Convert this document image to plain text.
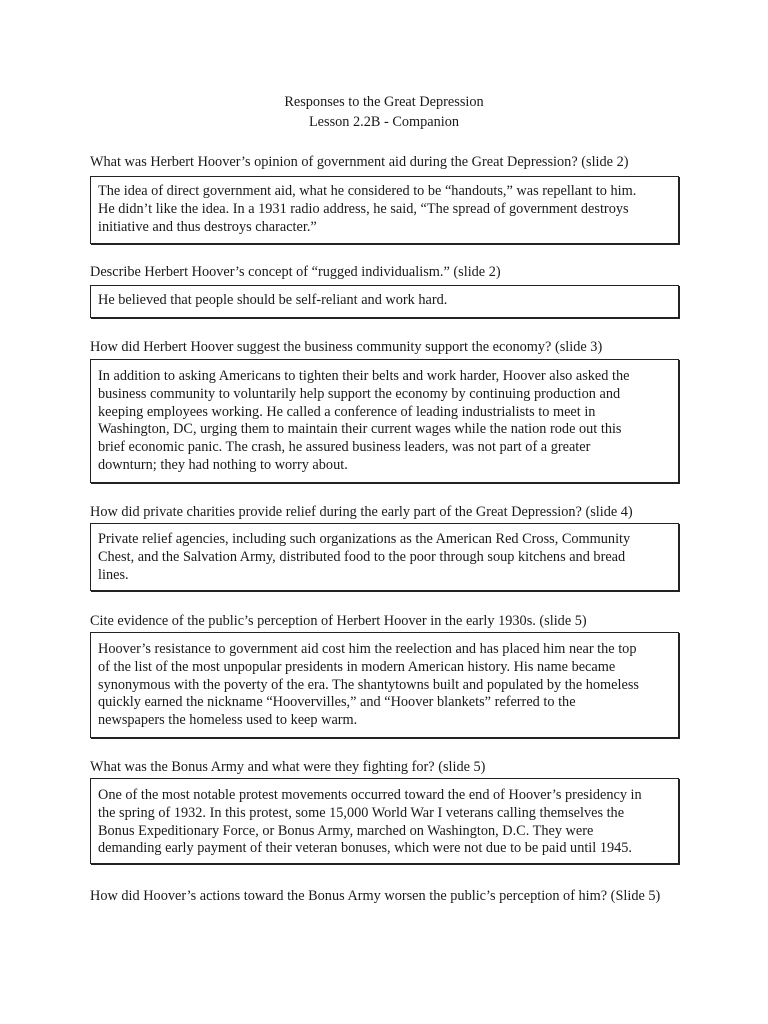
Responses to the Great Depression
Lesson 2.2B - Companion
What was Herbert Hoover’s opinion of government aid during the Great Depression? (slide 2)
The idea of direct government aid, what he considered to be “handouts,” was repellant to him.
He didn’t like the idea. In a 1931 radio address, he said, “The spread of government destroys
initiative and thus destroys character.”
Describe Herbert Hoover’s concept of “rugged individualism.” (slide 2)
He believed that people should be self-reliant and work hard.
How did Herbert Hoover suggest the business community support the economy? (slide 3)
In addition to asking Americans to tighten their belts and work harder, Hoover also asked the
business community to voluntarily help support the economy by continuing production and
keeping employees working. He called a conference of leading industrialists to meet in
Washington, DC, urging them to maintain their current wages while the nation rode out this
brief economic panic. The crash, he assured business leaders, was not part of a greater
downturn; they had nothing to worry about.
How did private charities provide relief during the early part of the Great Depression? (slide 4)
Private relief agencies, including such organizations as the American Red Cross, Community
Chest, and the Salvation Army, distributed food to the poor through soup kitchens and bread
lines.
Cite evidence of the public’s perception of Herbert Hoover in the early 1930s. (slide 5)
Hoover’s resistance to government aid cost him the reelection and has placed him near the top
of the list of the most unpopular presidents in modern American history. His name became
synonymous with the poverty of the era. The shantytowns built and populated by the homeless
quickly earned the nickname “Hoovervilles,” and “Hoover blankets” referred to the
newspapers the homeless used to keep warm.
What was the Bonus Army and what were they fighting for? (slide 5)
One of the most notable protest movements occurred toward the end of Hoover’s presidency in
the spring of 1932. In this protest, some 15,000 World War I veterans calling themselves the
Bonus Expeditionary Force, or Bonus Army, marched on Washington, D.C. They were
demanding early payment of their veteran bonuses, which were not due to be paid until 1945.
How did Hoover’s actions toward the Bonus Army worsen the public’s perception of him? (Slide 5)
